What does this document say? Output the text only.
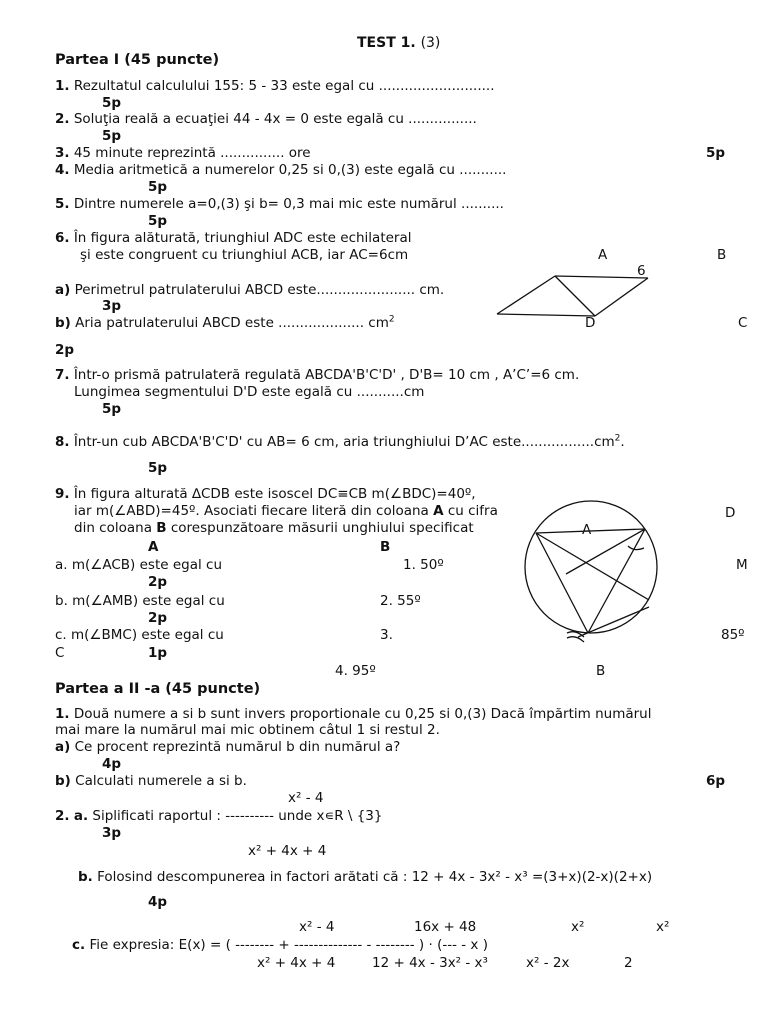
TEST 1. (3)
Partea I (45 puncte)
1. Rezultatul calculului 155: 5 - 33 este egal cu ...........................
5p
2. Soluţia reală a ecuaţiei 44 - 4x = 0 este egală cu ................
5p
3. 45 minute reprezintă ............... ore	5p
4. Media aritmetică a numerelor 0,25 si 0,(3) este egală cu ...........
5p
5. Dintre numerele a=0,(3) şi b= 0,3 mai mic este numărul ..........
5p
6. În figura alăturată, triunghiul ADC este echilateral
şi este congruent cu triunghiul ACB, iar AC=6cm	A	B
6
a) Perimetrul patrulaterului ABCD este....................... cm.
3p
b) Aria patrulaterului ABCD este .................... $cm^2$	D	C
2p
7. Într-o prismă patrulateră regulată ABCDA'B'C'D' , D'B= 10 cm , A’C’=6 cm.
Lungimea segmentului D'D este egală cu ...........cm
5p
8. Într-un cub ABCDA'B'C'D' cu AB= 6 cm, aria triunghiului D’AC $este.................cm^2$.
5p
9. În figura alturată ∆CDB este isoscel DC≡CB m(∠BDC)=40º,
iar m(∠ABD)=45º. Asociati fiecare literă din coloana A cu cifra
din coloana B corespunzătoare măsurii unghiului specificat
D
A
A	B
a. m(∠ACB) este egal cu	1. 50º	M
2p
b. m(∠AMB) este egal cu	2. 55º
2p
c. m(∠BMC) este egal cu	3.	85º
C	1p
4. 95º	B
Partea a II -a (45 puncte)
1. Două numere a si b sunt invers proportionale cu 0,25 si 0,(3) Dacă împărtim numărul
mai mare la numărul mai mic obtinem câtul 1 si restul 2.
a) Ce procent reprezintă numărul b din numărul a?
4p
b) Calculati numerele a si b.	6p
x² - 4
2. a. Siplificati raportul : ---------- unde x∊R \ {3}
3p
x² + 4x + 4
b. Folosind descompunerea in factori arătati că : 12 + 4x - 3x² - x³ =(3+x)(2-x)(2+x)
4p
x² - 4	16x + 48	x²	x²
c. Fie expresia: E(x) = ( -------- + -------------- - -------- ) · (--- - x )
x² + 4x + 4	12 + 4x - 3x² - x³	x² - 2x	2
